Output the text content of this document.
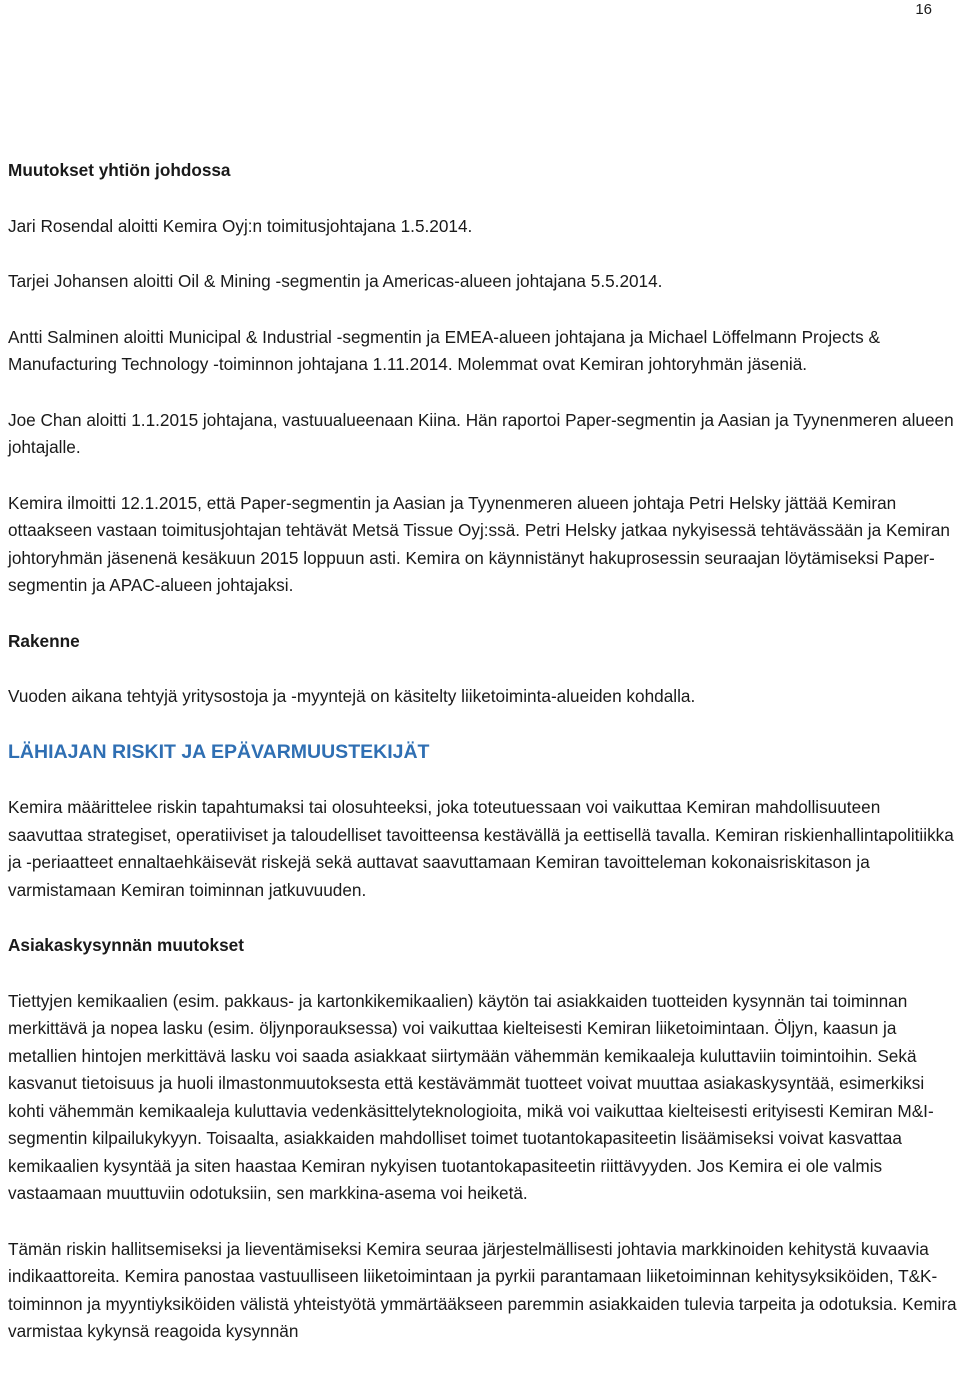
16
Muutokset yhtiön johdossa

Jari Rosendal aloitti Kemira Oyj:n toimitusjohtajana 1.5.2014.

Tarjei Johansen aloitti Oil & Mining -segmentin ja Americas-alueen johtajana 5.5.2014.

Antti Salminen aloitti Municipal & Industrial -segmentin ja EMEA-alueen johtajana ja Michael Löffelmann Projects & Manufacturing Technology -toiminnon johtajana 1.11.2014. Molemmat ovat Kemiran johtoryhmän jäseniä.

Joe Chan aloitti 1.1.2015 johtajana, vastuualueenaan Kiina. Hän raportoi Paper-segmentin ja Aasian ja Tyynenmeren alueen johtajalle.

Kemira ilmoitti 12.1.2015, että Paper-segmentin ja Aasian ja Tyynenmeren alueen johtaja Petri Helsky jättää Kemiran ottaakseen vastaan toimitusjohtajan tehtävät Metsä Tissue Oyj:ssä. Petri Helsky jatkaa nykyisessä tehtävässään ja Kemiran johtoryhmän jäsenenä kesäkuun 2015 loppuun asti. Kemira on käynnistänyt hakuprosessin seuraajan löytämiseksi Paper-segmentin ja APAC-alueen johtajaksi.

Rakenne

Vuoden aikana tehtyjä yritysostoja ja -myyntejä on käsitelty liiketoiminta-alueiden kohdalla.

LÄHIAJAN RISKIT JA EPÄVARMUUSTEKIJÄT

Kemira määrittelee riskin tapahtumaksi tai olosuhteeksi, joka toteutuessaan voi vaikuttaa Kemiran mahdollisuuteen saavuttaa strategiset, operatiiviset ja taloudelliset tavoitteensa kestävällä ja eettisellä tavalla. Kemiran riskienhallintapolitiikka ja -periaatteet ennaltaehkäisevät riskejä sekä auttavat saavuttamaan Kemiran tavoitteleman kokonaisriskitason ja varmistamaan Kemiran toiminnan jatkuvuuden.

Asiakaskysynnän muutokset

Tiettyjen kemikaalien (esim. pakkaus- ja kartonkikemikaalien) käytön tai asiakkaiden tuotteiden kysynnän tai toiminnan merkittävä ja nopea lasku (esim. öljynporauksessa) voi vaikuttaa kielteisesti Kemiran liiketoimintaan. Öljyn, kaasun ja metallien hintojen merkittävä lasku voi saada asiakkaat siirtymään vähemmän kemikaaleja kuluttaviin toimintoihin. Sekä kasvanut tietoisuus ja huoli ilmastonmuutoksesta että kestävämmät tuotteet voivat muuttaa asiakaskysyntää, esimerkiksi kohti vähemmän kemikaaleja kuluttavia vedenkäsittelyteknologioita, mikä voi vaikuttaa kielteisesti erityisesti Kemiran M&I-segmentin kilpailukykyyn. Toisaalta, asiakkaiden mahdolliset toimet tuotantokapasiteetin lisäämiseksi voivat kasvattaa kemikaalien kysyntää ja siten haastaa Kemiran nykyisen tuotantokapasiteetin riittävyyden. Jos Kemira ei ole valmis vastaamaan muuttuviin odotuksiin, sen markkina-asema voi heiketä.

Tämän riskin hallitsemiseksi ja lieventämiseksi Kemira seuraa järjestelmällisesti johtavia markkinoiden kehitystä kuvaavia indikaattoreita. Kemira panostaa vastuulliseen liiketoimintaan ja pyrkii parantamaan liiketoiminnan kehitysyksiköiden, T&K-toiminnon ja myyntiyksiköiden välistä yhteistyötä ymmärtääkseen paremmin asiakkaiden tulevia tarpeita ja odotuksia. Kemira varmistaa kykynsä reagoida kysynnän
